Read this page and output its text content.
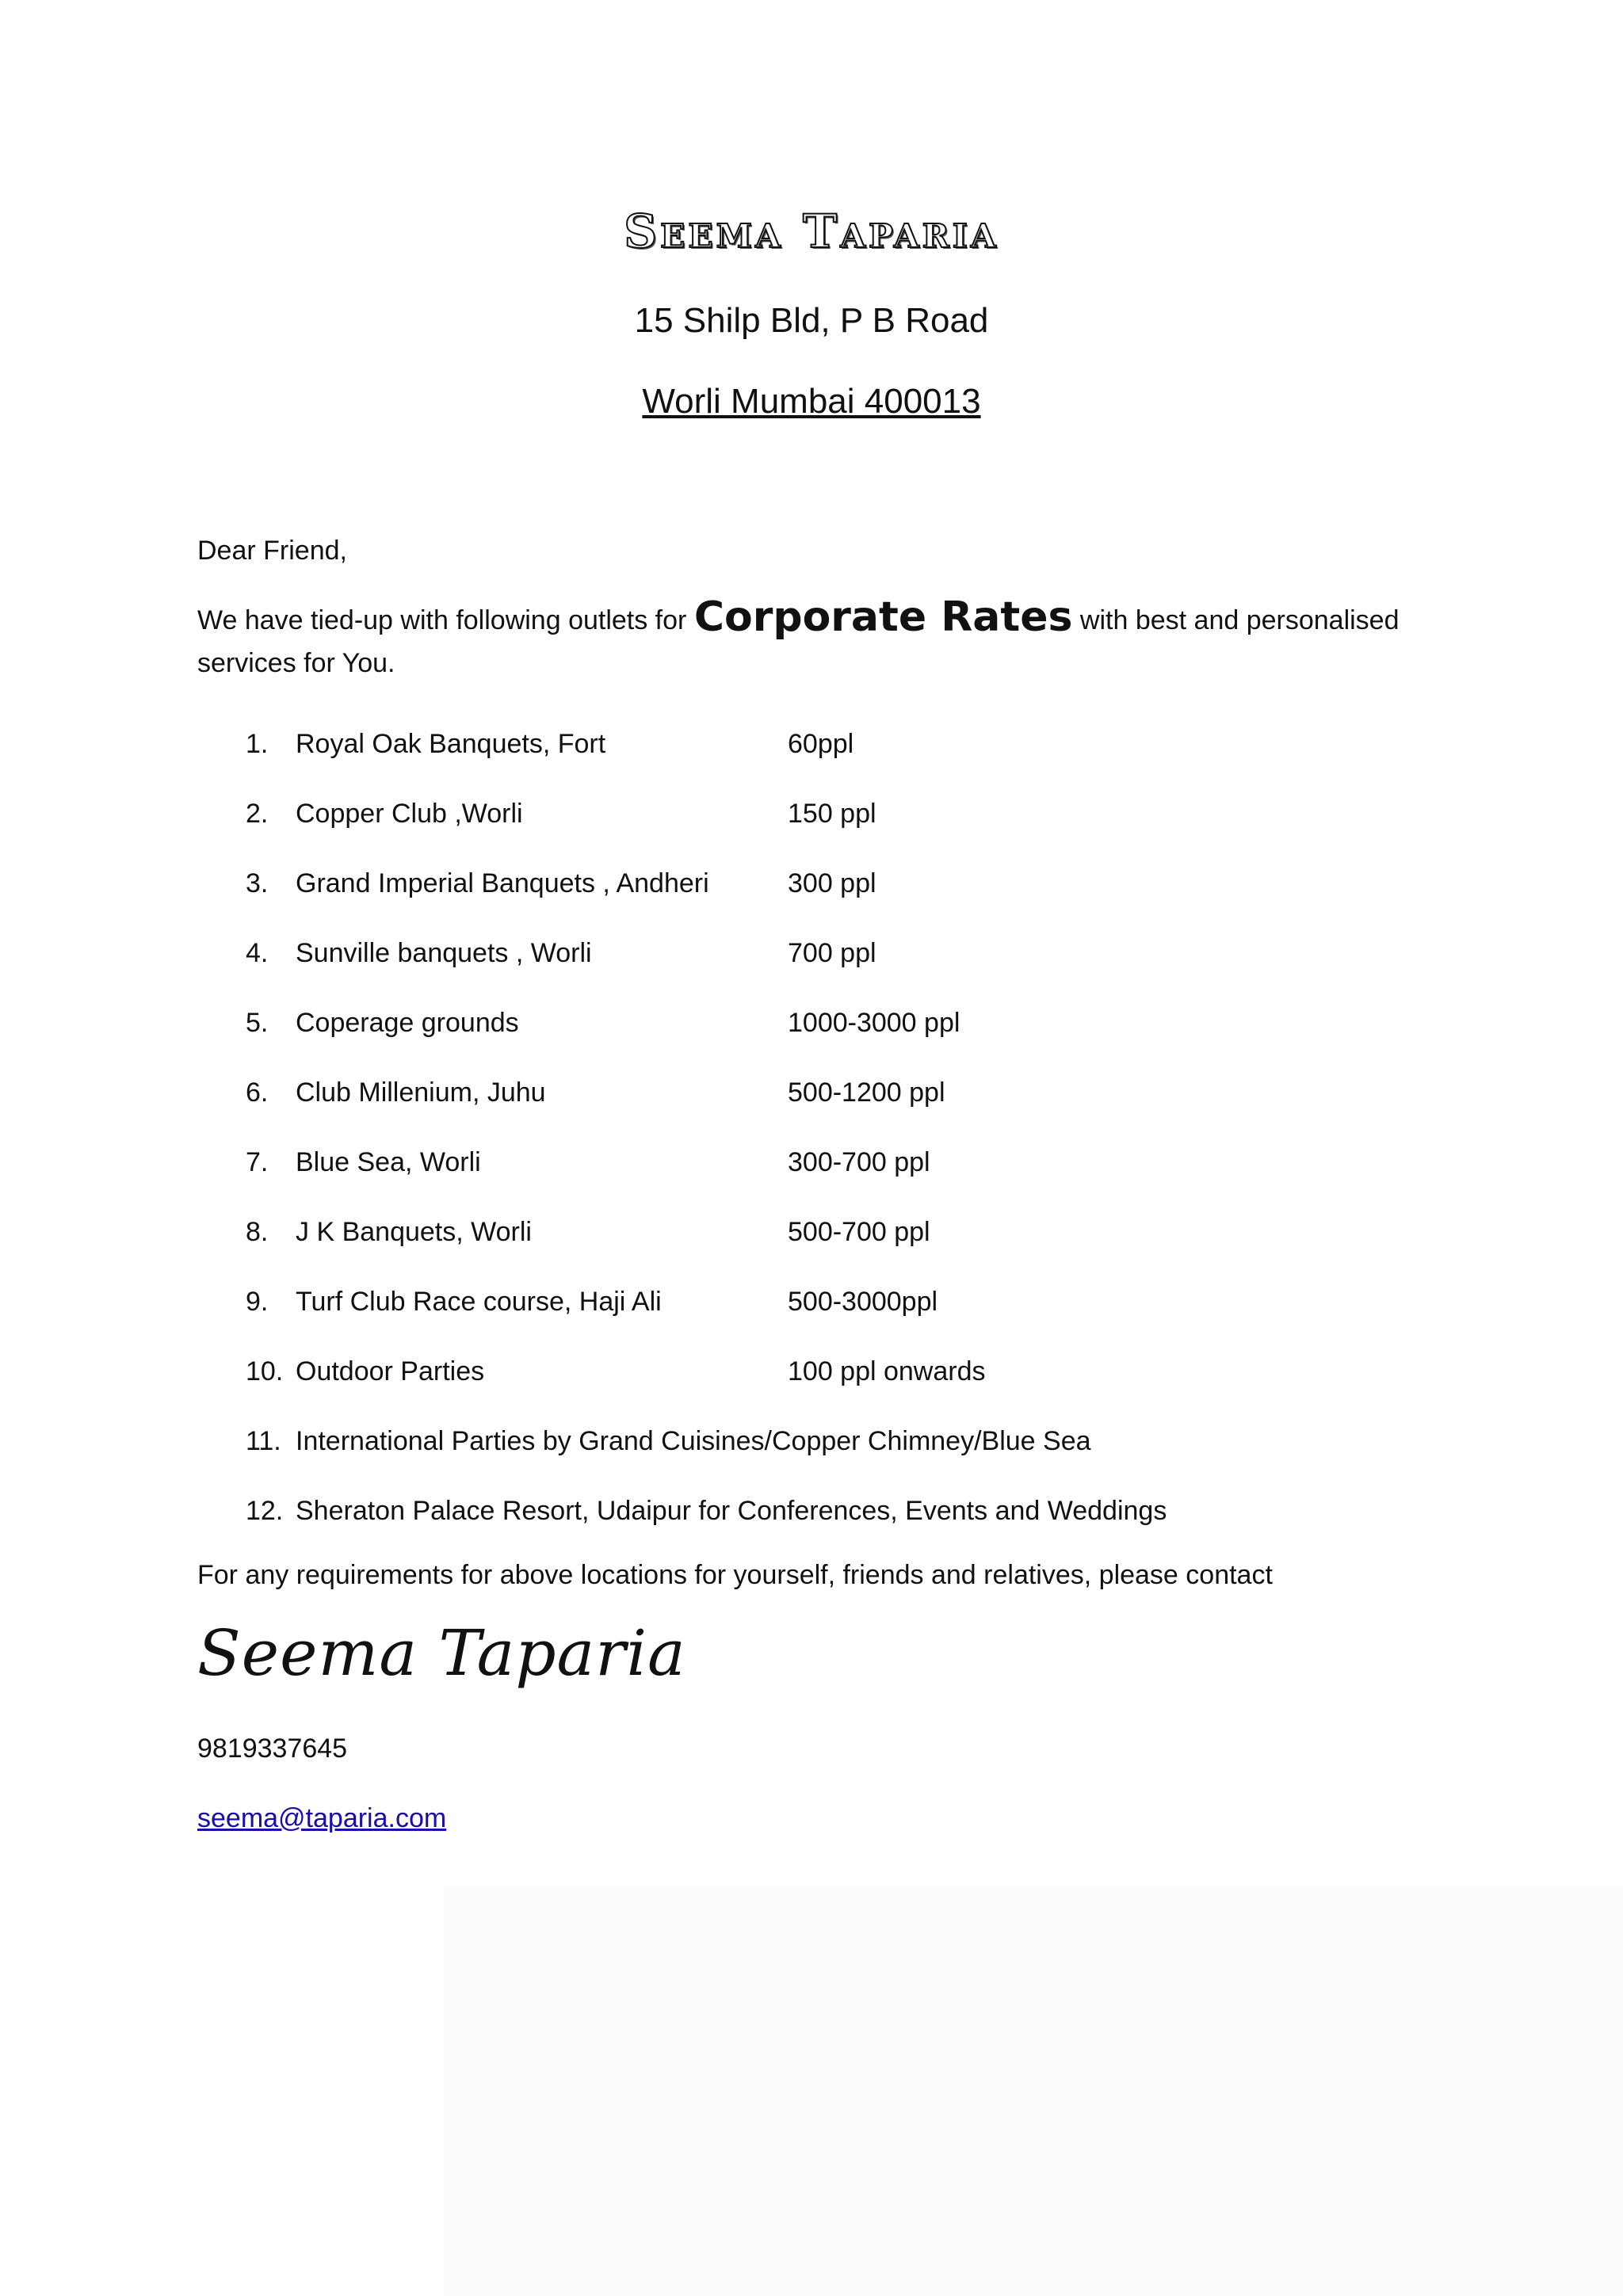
Seema Taparia
15 Shilp Bld, P B Road
Worli Mumbai 400013
Dear Friend,
We have tied-up with following outlets for Corporate Rates with best and personalised services for You.
1. Royal Oak Banquets, Fort	60ppl
2. Copper Club ,Worli	150 ppl
3. Grand Imperial Banquets , Andheri	300 ppl
4. Sunville banquets , Worli	700 ppl
5. Coperage grounds	1000-3000 ppl
6. Club Millenium, Juhu	500-1200 ppl
7. Blue Sea, Worli	300-700 ppl
8. J K Banquets, Worli	500-700 ppl
9. Turf Club Race course, Haji Ali	500-3000ppl
10. Outdoor Parties	100 ppl onwards
11. International Parties by Grand Cuisines/Copper Chimney/Blue Sea
12. Sheraton Palace Resort, Udaipur for Conferences, Events and Weddings
For any requirements for above locations for yourself, friends and relatives, please contact
Seema Taparia
9819337645
seema@taparia.com
